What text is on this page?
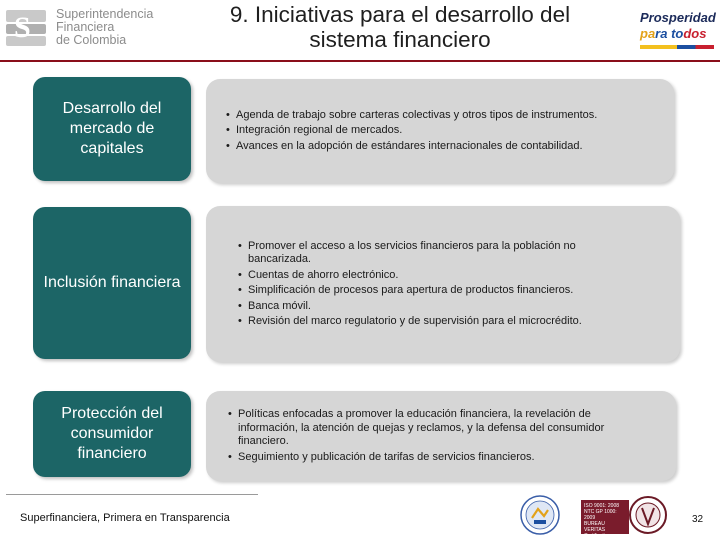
S Superintendencia
Financiera
de Colombia
9. Iniciativas para el desarrollo del
sistema financiero
Prosperidad
para todos
Desarrollo del mercado de capitales
• Agenda de trabajo sobre carteras colectivas y otros tipos de instrumentos.
• Integración regional de mercados.
• Avances en la adopción de estándares internacionales de contabilidad.
Inclusión financiera
• Promover el acceso a los servicios financieros para la población no bancarizada.
• Cuentas de ahorro electrónico.
• Simplificación de procesos para apertura de productos financieros.
• Banca móvil.
• Revisión del marco regulatorio y de supervisión para el microcrédito.
Protección del consumidor financiero
• Políticas enfocadas a promover la educación financiera, la revelación de información, la atención de quejas y reclamos, y la defensa del consumidor financiero.
• Seguimiento y publicación de tarifas de servicios financieros.
Superfinanciera, Primera en Transparencia
ISO 9001: 2008
NTC GP 1000: 2009
BUREAU VERITAS
Certification
32
